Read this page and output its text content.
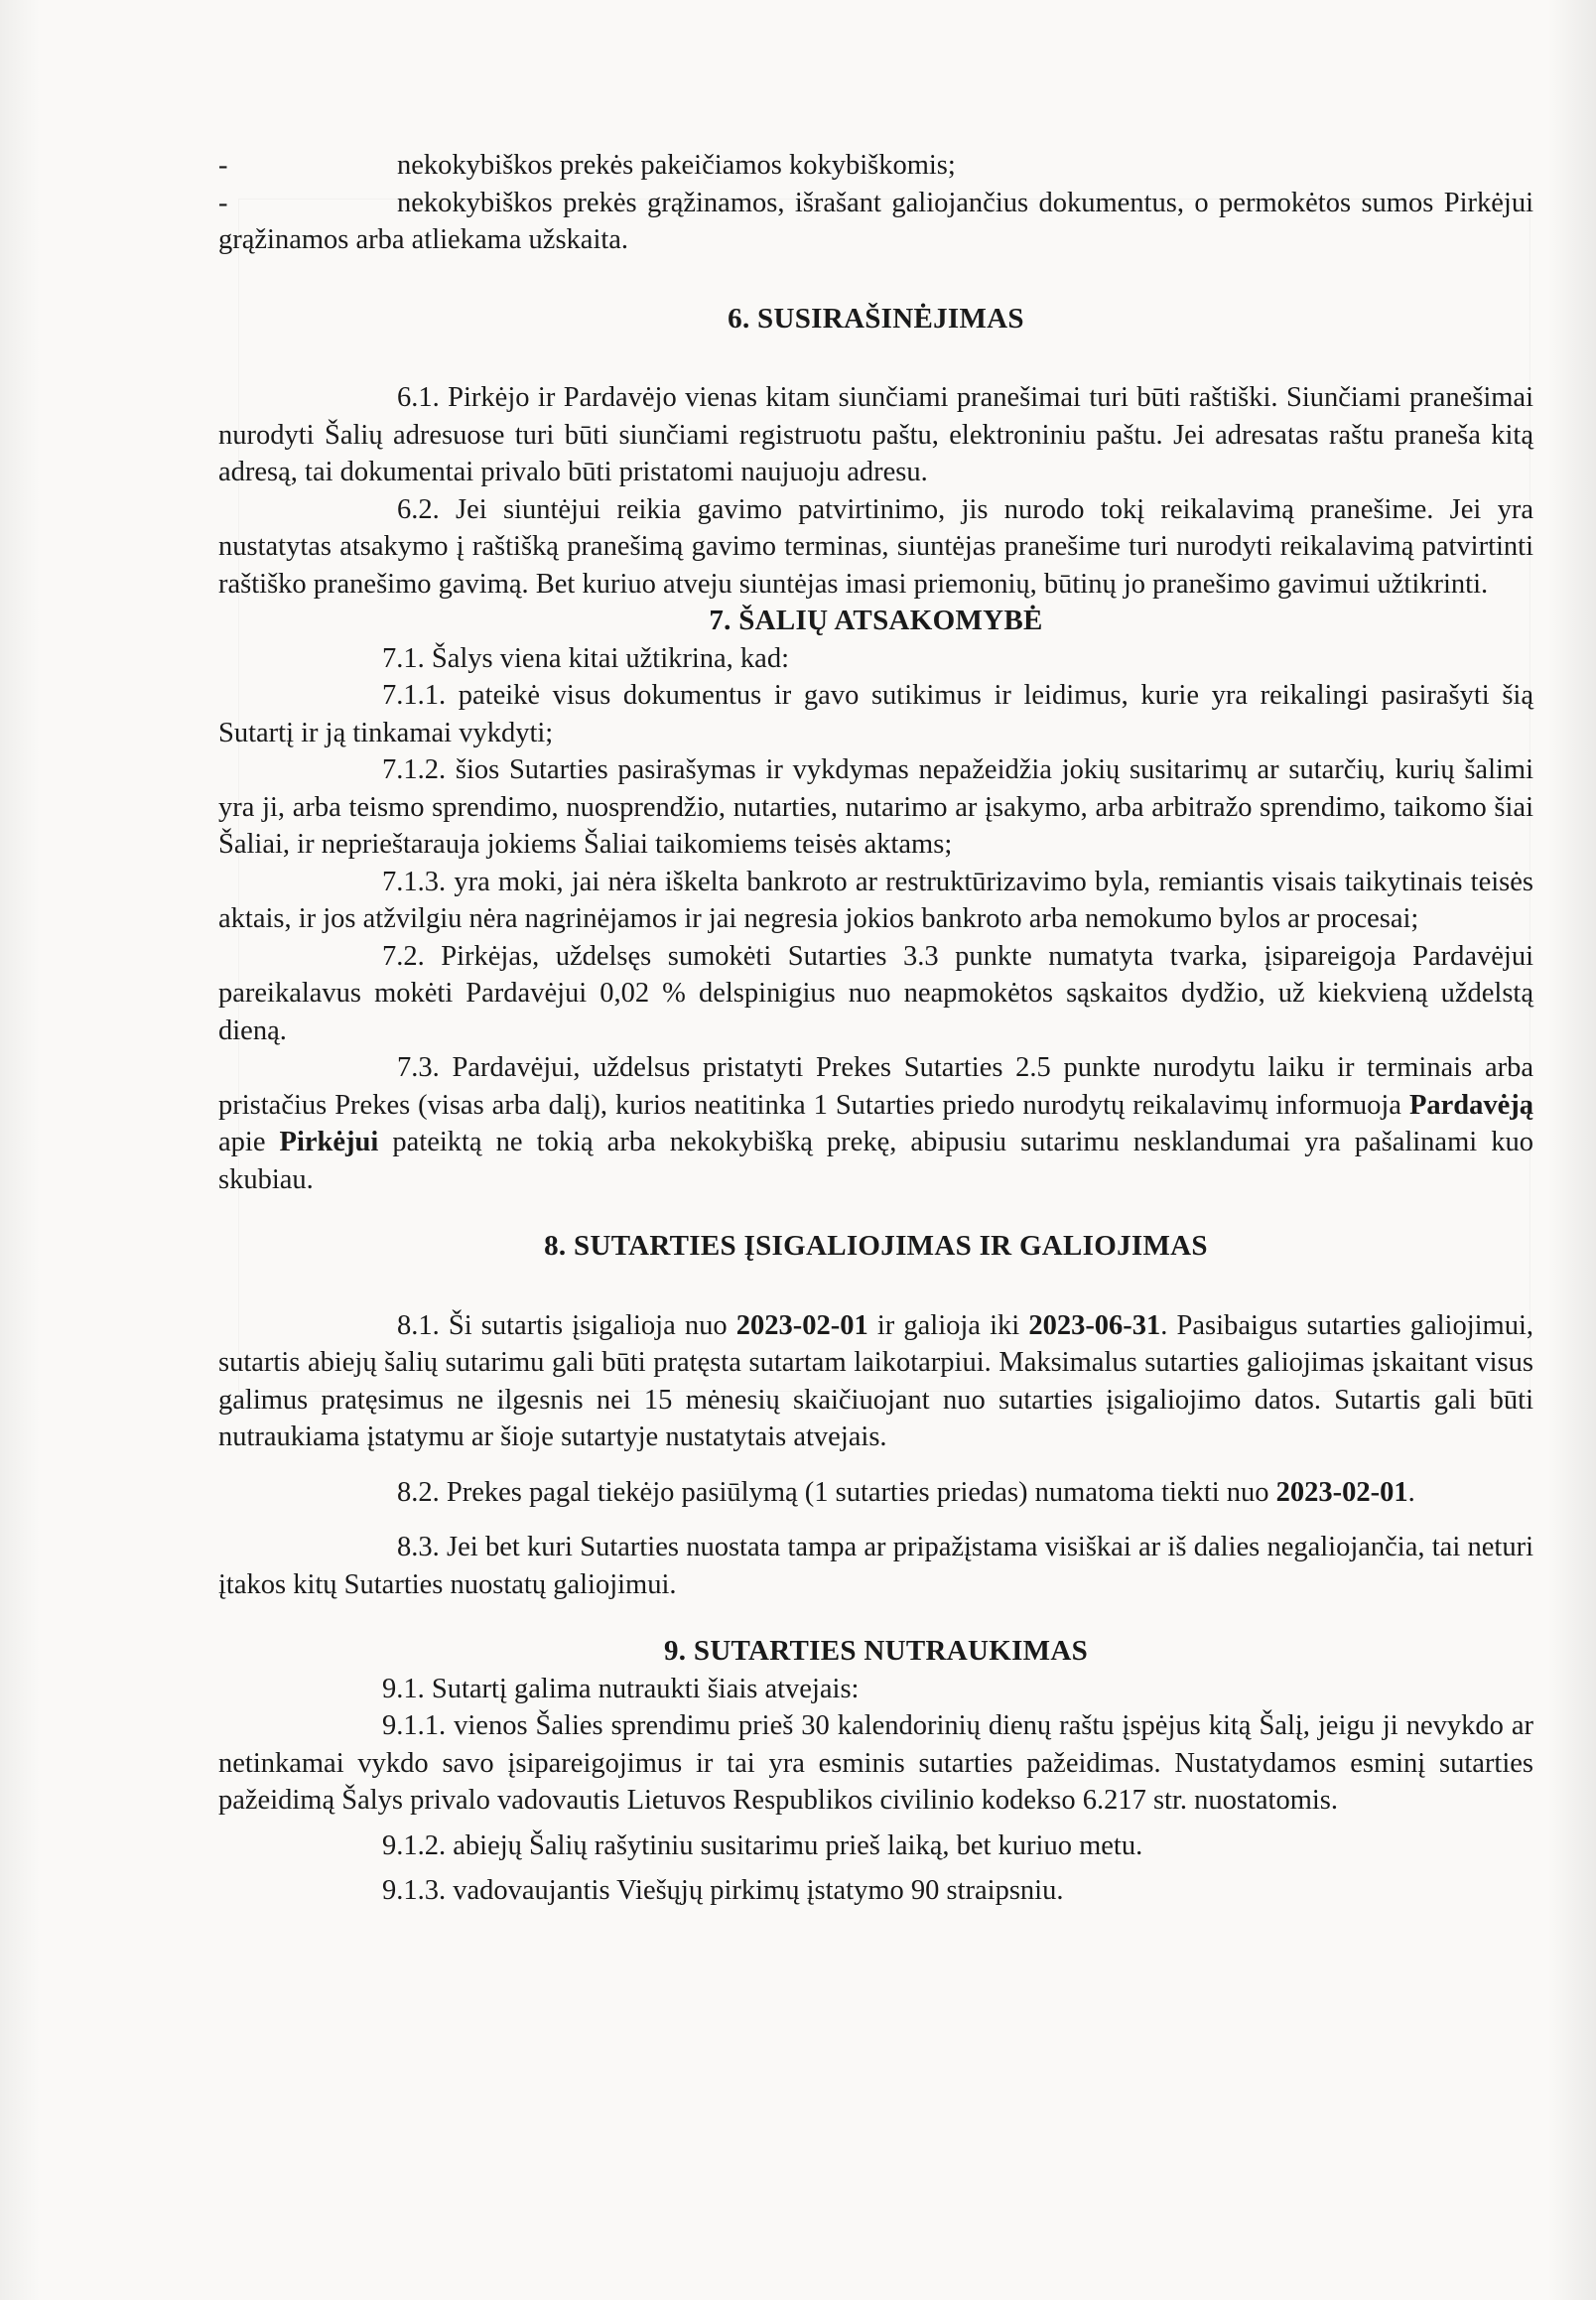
-	nekokybiškos prekės pakeičiamos kokybiškomis;

-	nekokybiškos prekės grąžinamos, išrašant galiojančius dokumentus, o permokėtos sumos Pirkėjui grąžinamos arba atliekama užskaita.

6. SUSIRAŠINĖJIMAS

6.1. Pirkėjo ir Pardavėjo vienas kitam siunčiami pranešimai turi būti raštiški. Siunčiami pranešimai nurodyti Šalių adresuose turi būti siunčiami registruotu paštu, elektroniniu paštu. Jei adresatas raštu praneša kitą adresą, tai dokumentai privalo būti pristatomi naujuoju adresu.

6.2. Jei siuntėjui reikia gavimo patvirtinimo, jis nurodo tokį reikalavimą pranešime. Jei yra nustatytas atsakymo į raštišką pranešimą gavimo terminas, siuntėjas pranešime turi nurodyti reikalavimą patvirtinti raštiško pranešimo gavimą. Bet kuriuo atveju siuntėjas imasi priemonių, būtinų jo pranešimo gavimui užtikrinti.

7. ŠALIŲ ATSAKOMYBĖ

7.1. Šalys viena kitai užtikrina, kad:

7.1.1. pateikė visus dokumentus ir gavo sutikimus ir leidimus, kurie yra reikalingi pasirašyti šią Sutartį ir ją tinkamai vykdyti;

7.1.2. šios Sutarties pasirašymas ir vykdymas nepažeidžia jokių susitarimų ar sutarčių, kurių šalimi yra ji, arba teismo sprendimo, nuosprendžio, nutarties, nutarimo ar įsakymo, arba arbitražo sprendimo, taikomo šiai Šaliai, ir neprieštarauja jokiems Šaliai taikomiems teisės aktams;

7.1.3. yra moki, jai nėra iškelta bankroto ar restruktūrizavimo byla, remiantis visais taikytinais teisės aktais, ir jos atžvilgiu nėra nagrinėjamos ir jai negresia jokios bankroto arba nemokumo bylos ar procesai;

7.2. Pirkėjas, uždelsęs sumokėti Sutarties 3.3 punkte numatyta tvarka, įsipareigoja Pardavėjui pareikalavus mokėti Pardavėjui 0,02 % delspinigius nuo neapmokėtos sąskaitos dydžio, už kiekvieną uždelstą dieną.

7.3. Pardavėjui, uždelsus pristatyti Prekes Sutarties 2.5 punkte nurodytu laiku ir terminais arba pristačius Prekes (visas arba dalį), kurios neatitinka 1 Sutarties priedo nurodytų reikalavimų informuoja Pardavėją apie Pirkėjui pateiktą ne tokią arba nekokybišką prekę, abipusiu sutarimu nesklandumai yra pašalinami kuo skubiau.

8. SUTARTIES ĮSIGALIOJIMAS IR GALIOJIMAS

8.1. Ši sutartis įsigalioja nuo 2023-02-01 ir galioja iki 2023-06-31. Pasibaigus sutarties galiojimui, sutartis abiejų šalių sutarimu gali būti pratęsta sutartam laikotarpiui. Maksimalus sutarties galiojimas įskaitant visus galimus pratęsimus ne ilgesnis nei 15 mėnesių skaičiuojant nuo sutarties įsigaliojimo datos. Sutartis gali būti nutraukiama įstatymu ar šioje sutartyje nustatytais atvejais.

8.2. Prekes pagal tiekėjo pasiūlymą (1 sutarties priedas) numatoma tiekti nuo 2023-02-01.

8.3. Jei bet kuri Sutarties nuostata tampa ar pripažįstama visiškai ar iš dalies negaliojančia, tai neturi įtakos kitų Sutarties nuostatų galiojimui.

9. SUTARTIES NUTRAUKIMAS

9.1. Sutartį galima nutraukti šiais atvejais:

9.1.1. vienos Šalies sprendimu prieš 30 kalendorinių dienų raštu įspėjus kitą Šalį, jeigu ji nevykdo ar netinkamai vykdo savo įsipareigojimus ir tai yra esminis sutarties pažeidimas. Nustatydamos esminį sutarties pažeidimą Šalys privalo vadovautis Lietuvos Respublikos civilinio kodekso 6.217 str. nuostatomis.

9.1.2. abiejų Šalių rašytiniu susitarimu prieš laiką, bet kuriuo metu.

9.1.3. vadovaujantis Viešųjų pirkimų įstatymo 90 straipsniu.
